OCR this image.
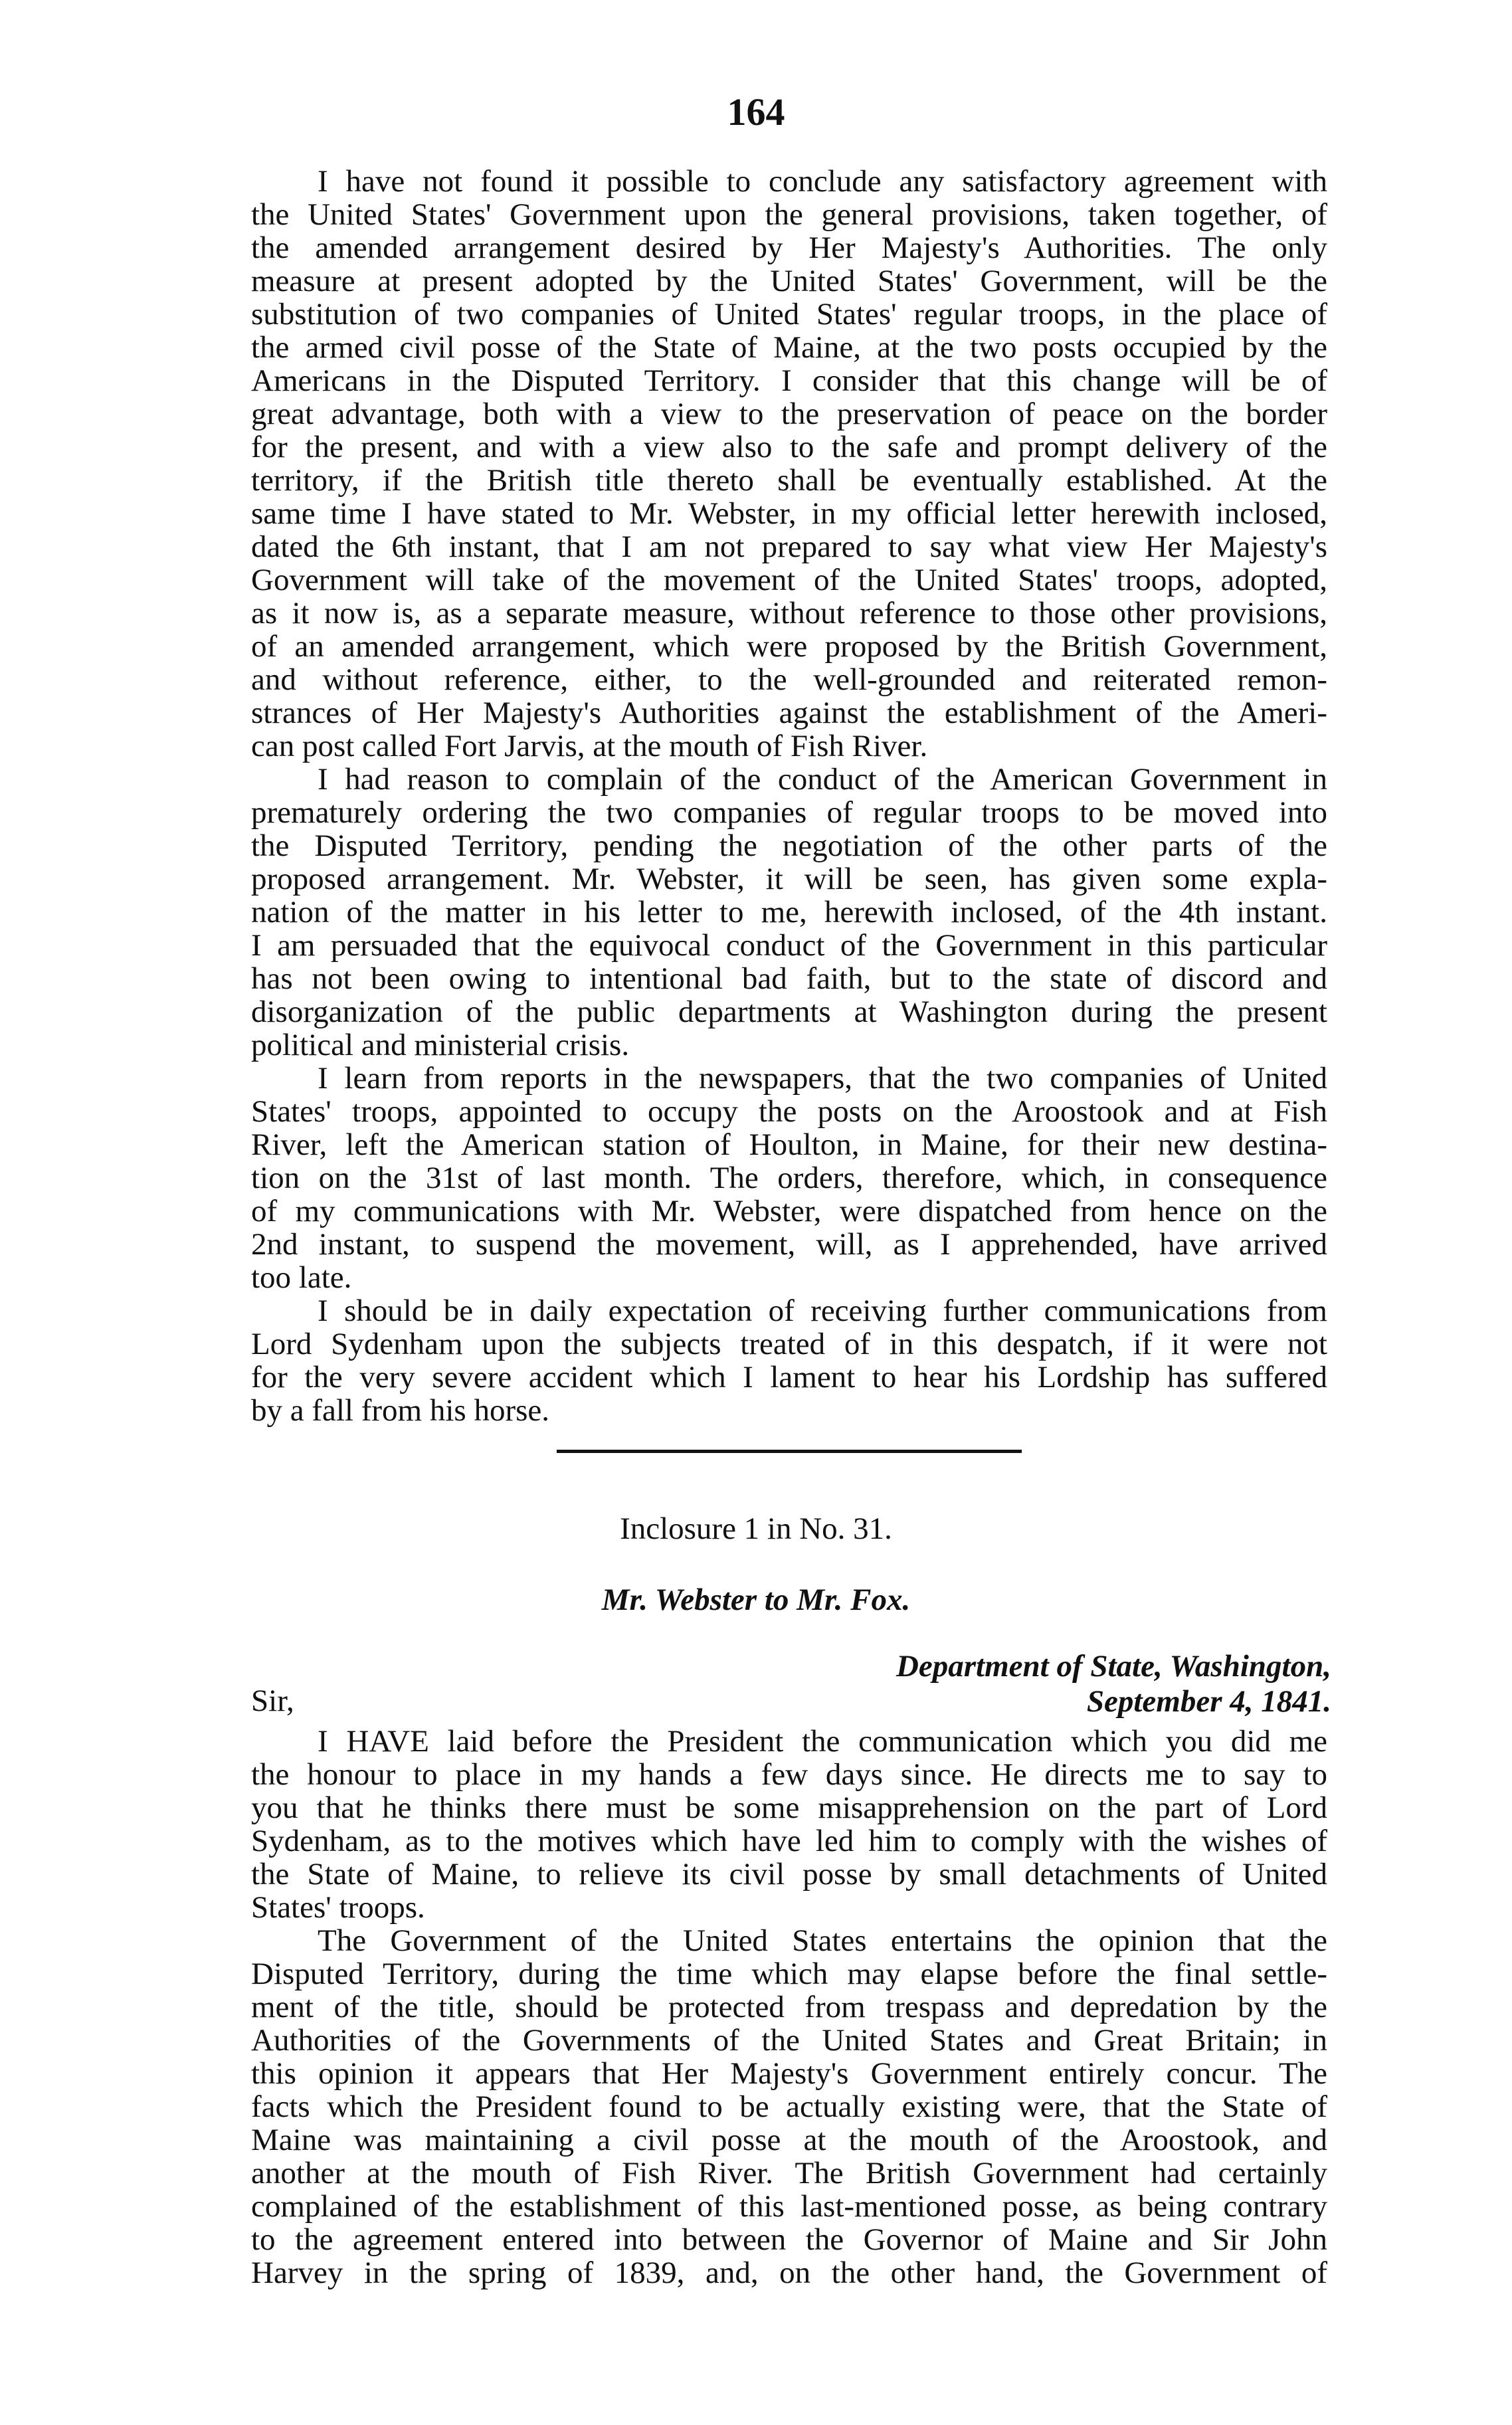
164
I have not found it possible to conclude any satisfactory agreement with
the United States' Government upon the general provisions, taken together, of
the amended arrangement desired by Her Majesty's Authorities. The only
measure at present adopted by the United States' Government, will be the
substitution of two companies of United States' regular troops, in the place of
the armed civil posse of the State of Maine, at the two posts occupied by the
Americans in the Disputed Territory. I consider that this change will be of
great advantage, both with a view to the preservation of peace on the border
for the present, and with a view also to the safe and prompt delivery of the
territory, if the British title thereto shall be eventually established. At the
same time I have stated to Mr. Webster, in my official letter herewith inclosed,
dated the 6th instant, that I am not prepared to say what view Her Majesty's
Government will take of the movement of the United States' troops, adopted,
as it now is, as a separate measure, without reference to those other provisions,
of an amended arrangement, which were proposed by the British Government,
and without reference, either, to the well-grounded and reiterated remon-
strances of Her Majesty's Authorities against the establishment of the Ameri-
can post called Fort Jarvis, at the mouth of Fish River.
I had reason to complain of the conduct of the American Government in
prematurely ordering the two companies of regular troops to be moved into
the Disputed Territory, pending the negotiation of the other parts of the
proposed arrangement. Mr. Webster, it will be seen, has given some expla-
nation of the matter in his letter to me, herewith inclosed, of the 4th instant.
I am persuaded that the equivocal conduct of the Government in this particular
has not been owing to intentional bad faith, but to the state of discord and
disorganization of the public departments at Washington during the present
political and ministerial crisis.
I learn from reports in the newspapers, that the two companies of United
States' troops, appointed to occupy the posts on the Aroostook and at Fish
River, left the American station of Houlton, in Maine, for their new destina-
tion on the 31st of last month. The orders, therefore, which, in consequence
of my communications with Mr. Webster, were dispatched from hence on the
2nd instant, to suspend the movement, will, as I apprehended, have arrived
too late.
I should be in daily expectation of receiving further communications from
Lord Sydenham upon the subjects treated of in this despatch, if it were not
for the very severe accident which I lament to hear his Lordship has suffered
by a fall from his horse.
Inclosure 1 in No. 31.
Mr. Webster to Mr. Fox.
Department of State, Washington,
September 4, 1841.
Sir,
I HAVE laid before the President the communication which you did me
the honour to place in my hands a few days since. He directs me to say to
you that he thinks there must be some misapprehension on the part of Lord
Sydenham, as to the motives which have led him to comply with the wishes of
the State of Maine, to relieve its civil posse by small detachments of United
States' troops.
The Government of the United States entertains the opinion that the
Disputed Territory, during the time which may elapse before the final settle-
ment of the title, should be protected from trespass and depredation by the
Authorities of the Governments of the United States and Great Britain; in
this opinion it appears that Her Majesty's Government entirely concur. The
facts which the President found to be actually existing were, that the State of
Maine was maintaining a civil posse at the mouth of the Aroostook, and
another at the mouth of Fish River. The British Government had certainly
complained of the establishment of this last-mentioned posse, as being contrary
to the agreement entered into between the Governor of Maine and Sir John
Harvey in the spring of 1839, and, on the other hand, the Government of
